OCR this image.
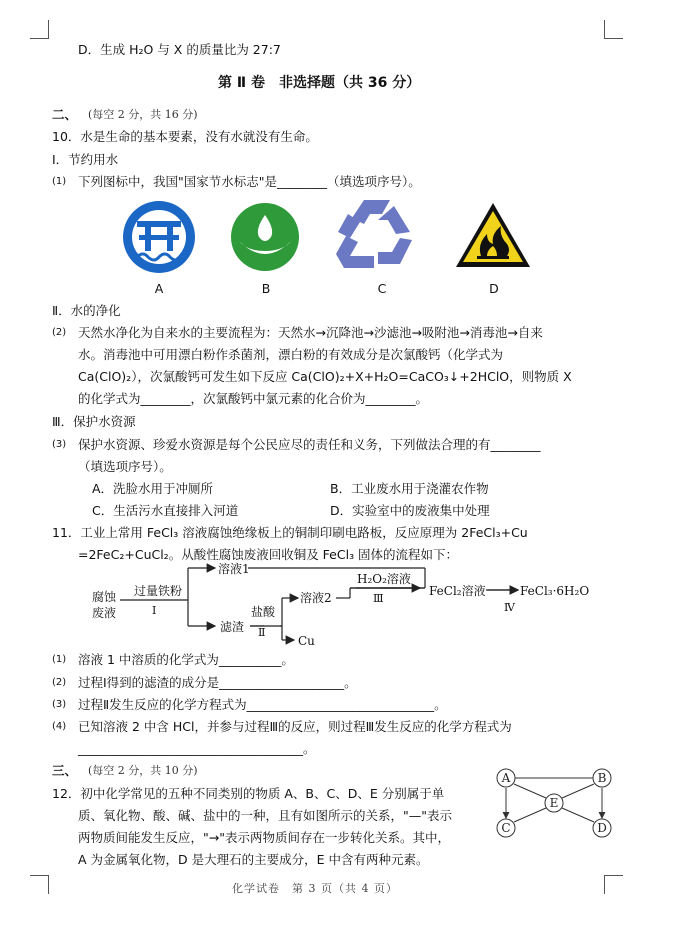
D．生成 H₂O 与 X 的质量比为 27:7
第 Ⅱ 卷　非选择题（共 36 分）
二、 (每空 2 分，共 16 分)
10．水是生命的基本要素，没有水就没有生命。
Ⅰ．节约用水
(1) 下列图标中，我国"国家节水标志"是________（填选项序号）。
A	B	C	D
Ⅱ．水的净化
(2) 天然水净化为自来水的主要流程为：天然水→沉降池→沙滤池→吸附池→消毒池→自来
水。消毒池中可用漂白粉作杀菌剂，漂白粉的有效成分是次氯酸钙（化学式为
Ca(ClO)₂），次氯酸钙可发生如下反应 Ca(ClO)₂+X+H₂O=CaCO₃↓+2HClO，则物质 X
的化学式为________，次氯酸钙中氯元素的化合价为________。
Ⅲ．保护水资源
(3) 保护水资源、珍爱水资源是每个公民应尽的责任和义务，下列做法合理的有________
（填选项序号）。
A．洗脸水用于冲厕所	B．工业废水用于浇灌农作物
C．生活污水直接排入河道	D．实验室中的废液集中处理
11．工业上常用 FeCl₃ 溶液腐蚀绝缘板上的铜制印刷电路板，反应原理为 2FeCl₃+Cu
=2FeC₂+CuCl₂。从酸性腐蚀废液回收铜及 FeCl₃ 固体的流程如下：
腐蚀
废液
过量铁粉
Ⅰ
溶液1
滤渣
盐酸
Ⅱ
溶液2
Cu
H₂O₂溶液
Ⅲ
FeCl₂溶液
Ⅳ
FeCl₃·6H₂O
(1) 溶液 1 中溶质的化学式为__________。
(2) 过程Ⅰ得到的滤渣的成分是____________________。
(3) 过程Ⅱ发生反应的化学方程式为______________________________。
(4) 已知溶液 2 中含 HCl，并参与过程Ⅲ的反应，则过程Ⅲ发生反应的化学方程式为
____________________________________。
三、 (每空 2 分，共 10 分)
12．初中化学常见的五种不同类别的物质 A、B、C、D、E 分别属于单
质、氧化物、酸、碱、盐中的一种，且有如图所示的关系，"—"表示
两物质间能发生反应，"→"表示两物质间存在一步转化关系。其中，
A 为金属氧化物，D 是大理石的主要成分，E 中含有两种元素。
A	B
E
C	D
化学试卷　第 3 页（共 4 页）
